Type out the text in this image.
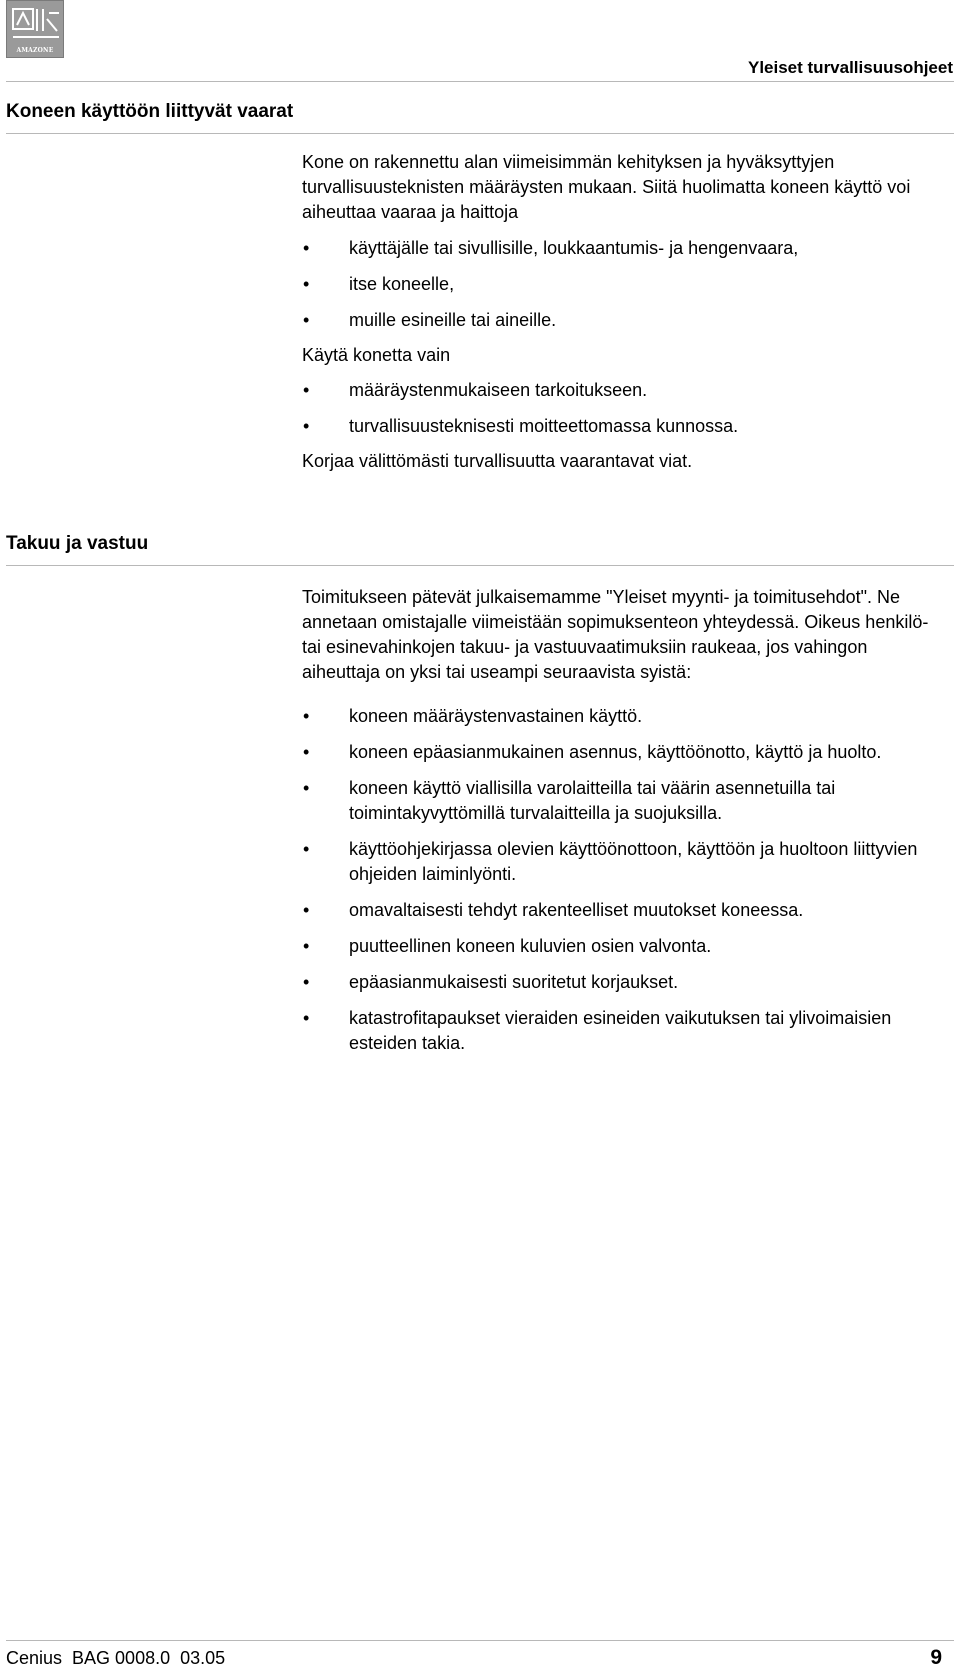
AMAZONE
Yleiset turvallisuusohjeet
Koneen käyttöön liittyvät vaarat

Kone on rakennettu alan viimeisimmän kehityksen ja hyväksyttyjen turvallisuusteknisten määräysten mukaan. Siitä huolimatta koneen käyttö voi aiheuttaa vaaraa ja haittoja

• käyttäjälle tai sivullisille, loukkaantumis- ja hengenvaara,
• itse koneelle,
• muille esineille tai aineille.

Käytä konetta vain

• määräystenmukaiseen tarkoitukseen.
• turvallisuusteknisesti moitteettomassa kunnossa.

Korjaa välittömästi turvallisuutta vaarantavat viat.

Takuu ja vastuu

Toimitukseen pätevät julkaisemamme "Yleiset myynti- ja toimitusehdot". Ne annetaan omistajalle viimeistään sopimuksenteon yhteydessä. Oikeus henkilö- tai esinevahinkojen takuu- ja vastuuvaatimuksiin raukeaa, jos vahingon aiheuttaja on yksi tai useampi seuraavista syistä:

• koneen määräystenvastainen käyttö.
• koneen epäasianmukainen asennus, käyttöönotto, käyttö ja huolto.
• koneen käyttö viallisilla varolaitteilla tai väärin asennetuilla tai toimintakyvyttömillä turvalaitteilla ja suojuksilla.
• käyttöohjekirjassa olevien käyttöönottoon, käyttöön ja huoltoon liittyvien ohjeiden laiminlyönti.
• omavaltaisesti tehdyt rakenteelliset muutokset koneessa.
• puutteellinen koneen kuluvien osien valvonta.
• epäasianmukaisesti suoritetut korjaukset.
• katastrofitapaukset vieraiden esineiden vaikutuksen tai ylivoimaisien esteiden takia.
Cenius  BAG 0008.0  03.05	9
